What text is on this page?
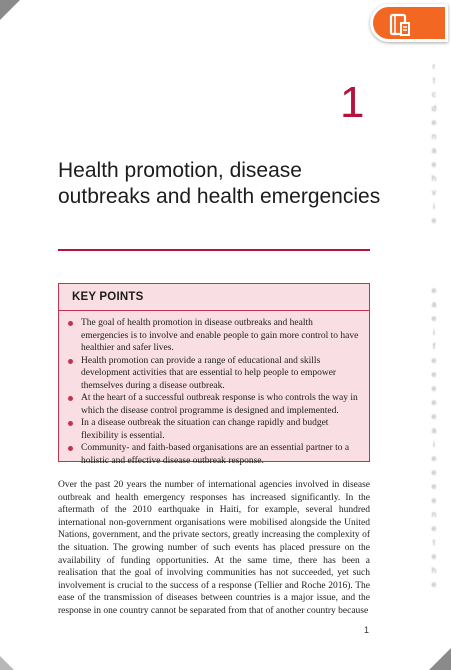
r
t
c
d
e
n
a
e
h
v
i
e
e
a
e
i
f
e
e
e
e
e
a
i
e
e
e
e
n
e
t
e
h
e
1
Health promotion, disease outbreaks and health emergencies
KEY POINTS
The goal of health promotion in disease outbreaks and health emergencies is to involve and enable people to gain more control to have healthier and safer lives.
Health promotion can provide a range of educational and skills development activities that are essential to help people to empower themselves during a disease outbreak.
At the heart of a successful outbreak response is who controls the way in which the disease control programme is designed and implemented.
In a disease outbreak the situation can change rapidly and budget flexibility is essential.
Community- and faith-based organisations are an essential partner to a holistic and effective disease outbreak response.

Over the past 20 years the number of international agencies involved in disease outbreak and health emergency responses has increased significantly. In the aftermath of the 2010 earthquake in Haiti, for example, several hundred international non-government organisations were mobilised alongside the United Nations, government, and the private sectors, greatly increasing the complexity of the situation. The growing number of such events has placed pressure on the availability of funding opportunities. At the same time, there has been a realisation that the goal of involving communities has not succeeded, yet such involvement is crucial to the success of a response (Tellier and Roche 2016). The ease of the transmission of diseases between countries is a major issue, and the response in one country cannot be separated from that of another country because

1
